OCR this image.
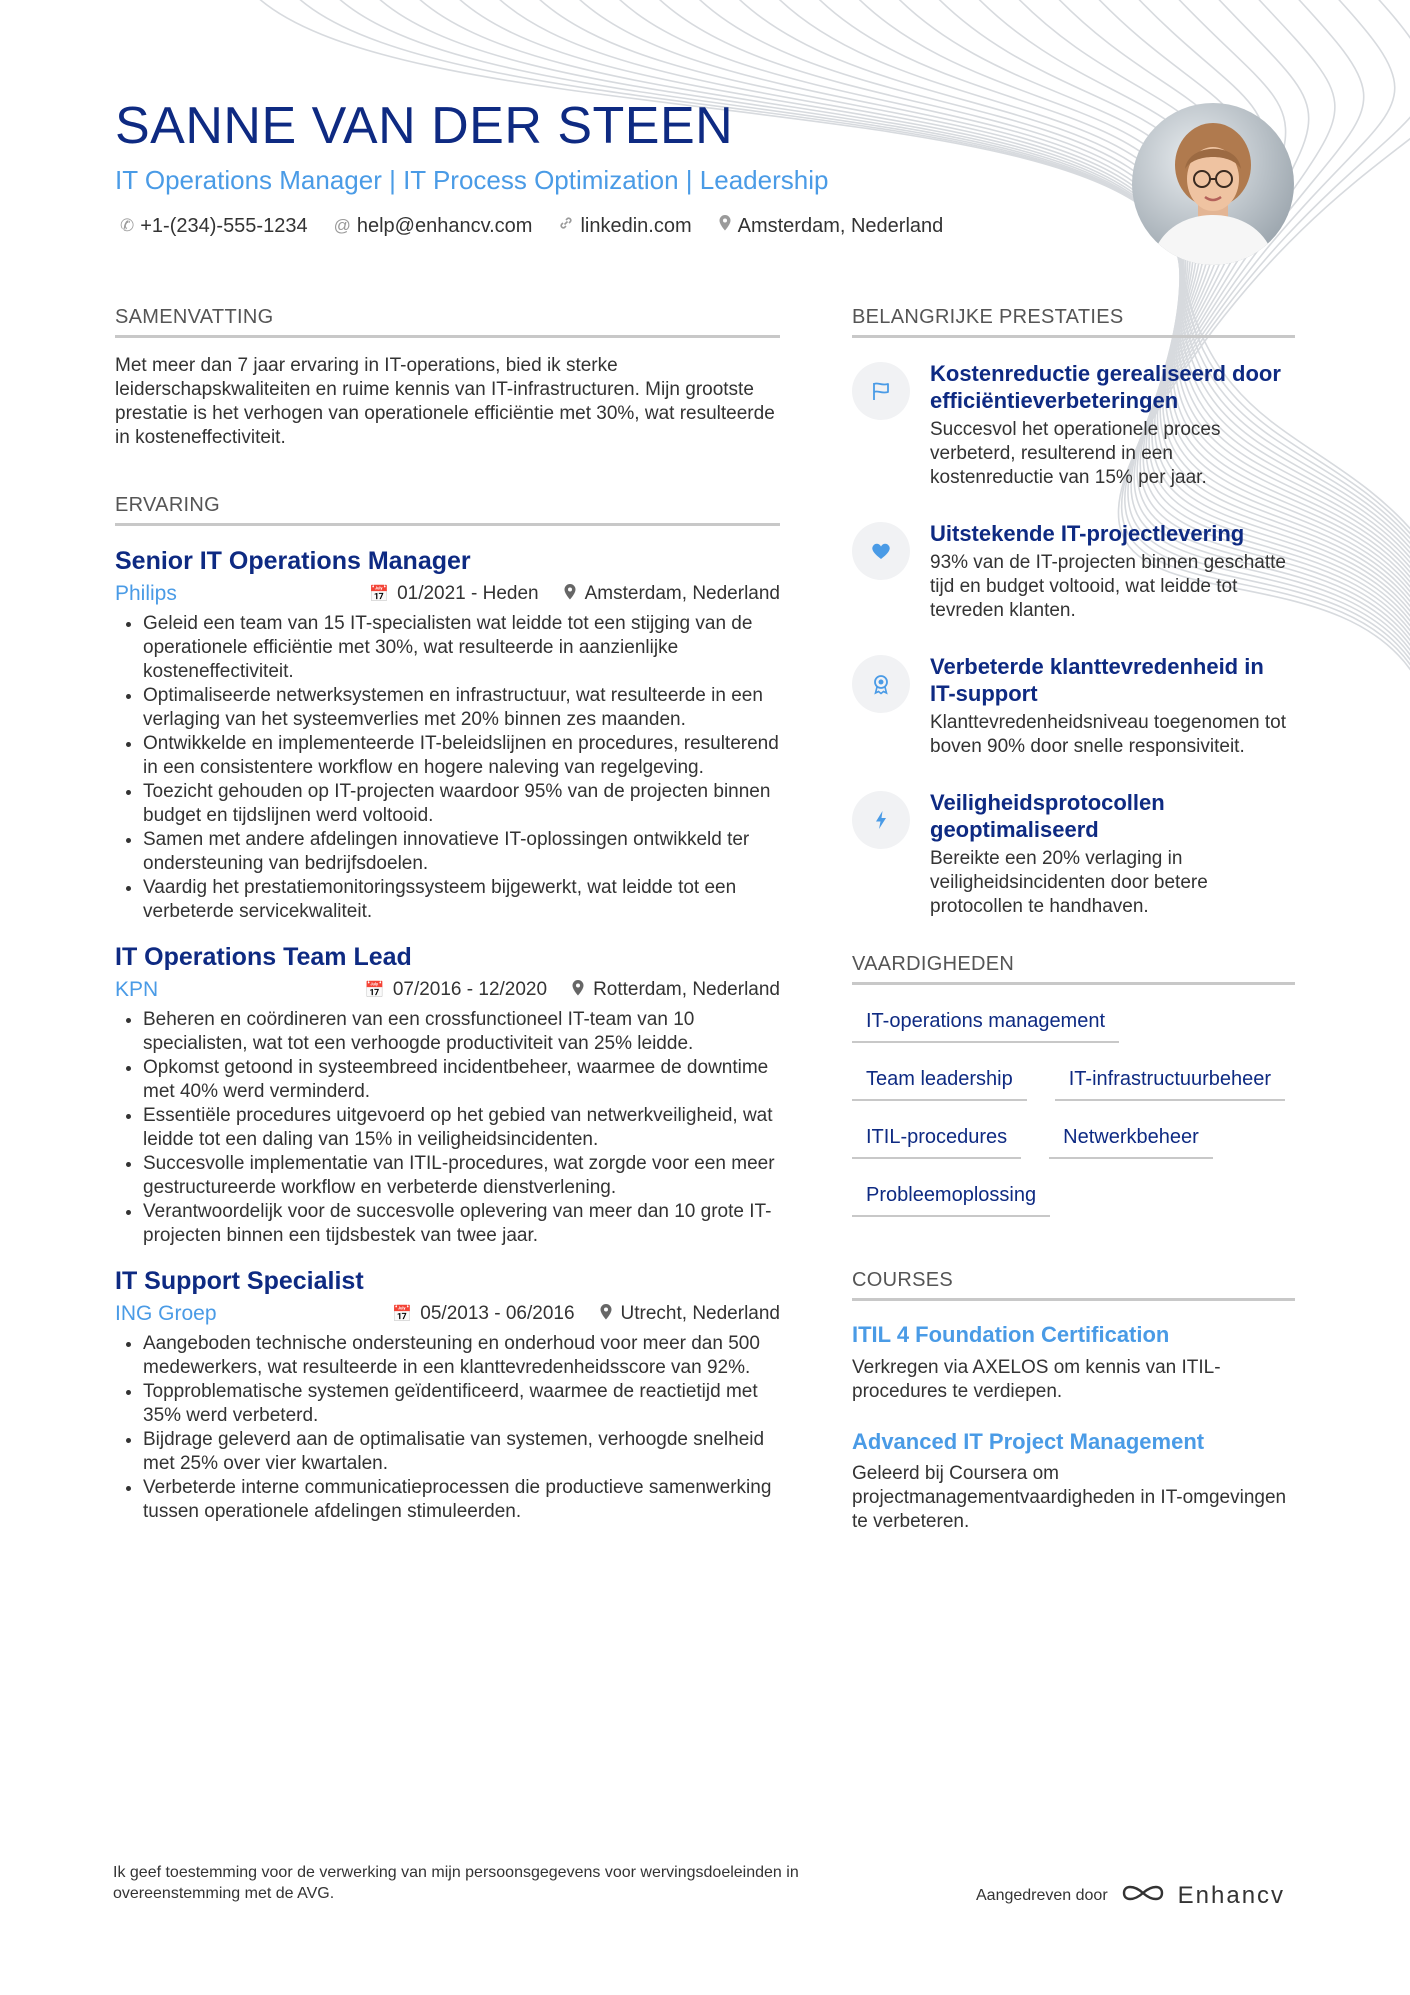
SANNE VAN DER STEEN
IT Operations Manager | IT Process Optimization | Leadership
✆ +1-(234)-555-1234 @ help@enhancv.com linkedin.com Amsterdam, Nederland
SAMENVATTING

Met meer dan 7 jaar ervaring in IT-operations, bied ik sterke leiderschapskwaliteiten en ruime kennis van IT-infrastructuren. Mijn grootste prestatie is het verhogen van operationele efficiëntie met 30%, wat resulteerde in kosteneffectiviteit.

ERVARING
Senior IT Operations Manager
Philips	📅 01/2021 - Heden Amsterdam, Nederland
• Geleid een team van 15 IT-specialisten wat leidde tot een stijging van de operationele efficiëntie met 30%, wat resulteerde in aanzienlijke kosteneffectiviteit.
• Optimaliseerde netwerksystemen en infrastructuur, wat resulteerde in een verlaging van het systeemverlies met 20% binnen zes maanden.
• Ontwikkelde en implementeerde IT-beleidslijnen en procedures, resulterend in een consistentere workflow en hogere naleving van regelgeving.
• Toezicht gehouden op IT-projecten waardoor 95% van de projecten binnen budget en tijdslijnen werd voltooid.
• Samen met andere afdelingen innovatieve IT-oplossingen ontwikkeld ter ondersteuning van bedrijfsdoelen.
• Vaardig het prestatiemonitoringssysteem bijgewerkt, wat leidde tot een verbeterde servicekwaliteit.
IT Operations Team Lead
KPN	📅 07/2016 - 12/2020 Rotterdam, Nederland
• Beheren en coördineren van een crossfunctioneel IT-team van 10 specialisten, wat tot een verhoogde productiviteit van 25% leidde.
• Opkomst getoond in systeembreed incidentbeheer, waarmee de downtime met 40% werd verminderd.
• Essentiële procedures uitgevoerd op het gebied van netwerkveiligheid, wat leidde tot een daling van 15% in veiligheidsincidenten.
• Succesvolle implementatie van ITIL-procedures, wat zorgde voor een meer gestructureerde workflow en verbeterde dienstverlening.
• Verantwoordelijk voor de succesvolle oplevering van meer dan 10 grote IT-projecten binnen een tijdsbestek van twee jaar.
IT Support Specialist
ING Groep	📅 05/2013 - 06/2016 Utrecht, Nederland
• Aangeboden technische ondersteuning en onderhoud voor meer dan 500 medewerkers, wat resulteerde in een klanttevredenheidsscore van 92%.
• Topproblematische systemen geïdentificeerd, waarmee de reactietijd met 35% werd verbeterd.
• Bijdrage geleverd aan de optimalisatie van systemen, verhoogde snelheid met 25% over vier kwartalen.
• Verbeterde interne communicatieprocessen die productieve samenwerking tussen operationele afdelingen stimuleerden.
BELANGRIJKE PRESTATIES
Kostenreductie gerealiseerd door efficiëntieverbeteringen

Succesvol het operationele proces verbeterd, resulterend in een kostenreductie van 15% per jaar.

Uitstekende IT-projectlevering

93% van de IT-projecten binnen geschatte tijd en budget voltooid, wat leidde tot tevreden klanten.

Verbeterde klanttevredenheid in IT-support

Klanttevredenheidsniveau toegenomen tot boven 90% door snelle responsiviteit.

Veiligheidsprotocollen geoptimaliseerd

Bereikte een 20% verlaging in veiligheidsincidenten door betere protocollen te handhaven.

VAARDIGHEDEN
IT-operations management
Team leadership	IT-infrastructuurbeheer
ITIL-procedures	Netwerkbeheer
Probleemoplossing
COURSES
ITIL 4 Foundation Certification

Verkregen via AXELOS om kennis van ITIL-procedures te verdiepen.

Advanced IT Project Management

Geleerd bij Coursera om projectmanagementvaardigheden in IT-omgevingen te verbeteren.

Ik geef toestemming voor de verwerking van mijn persoonsgegevens voor wervingsdoeleinden in overeenstemming met de AVG.	Aangedreven door	Enhancv
